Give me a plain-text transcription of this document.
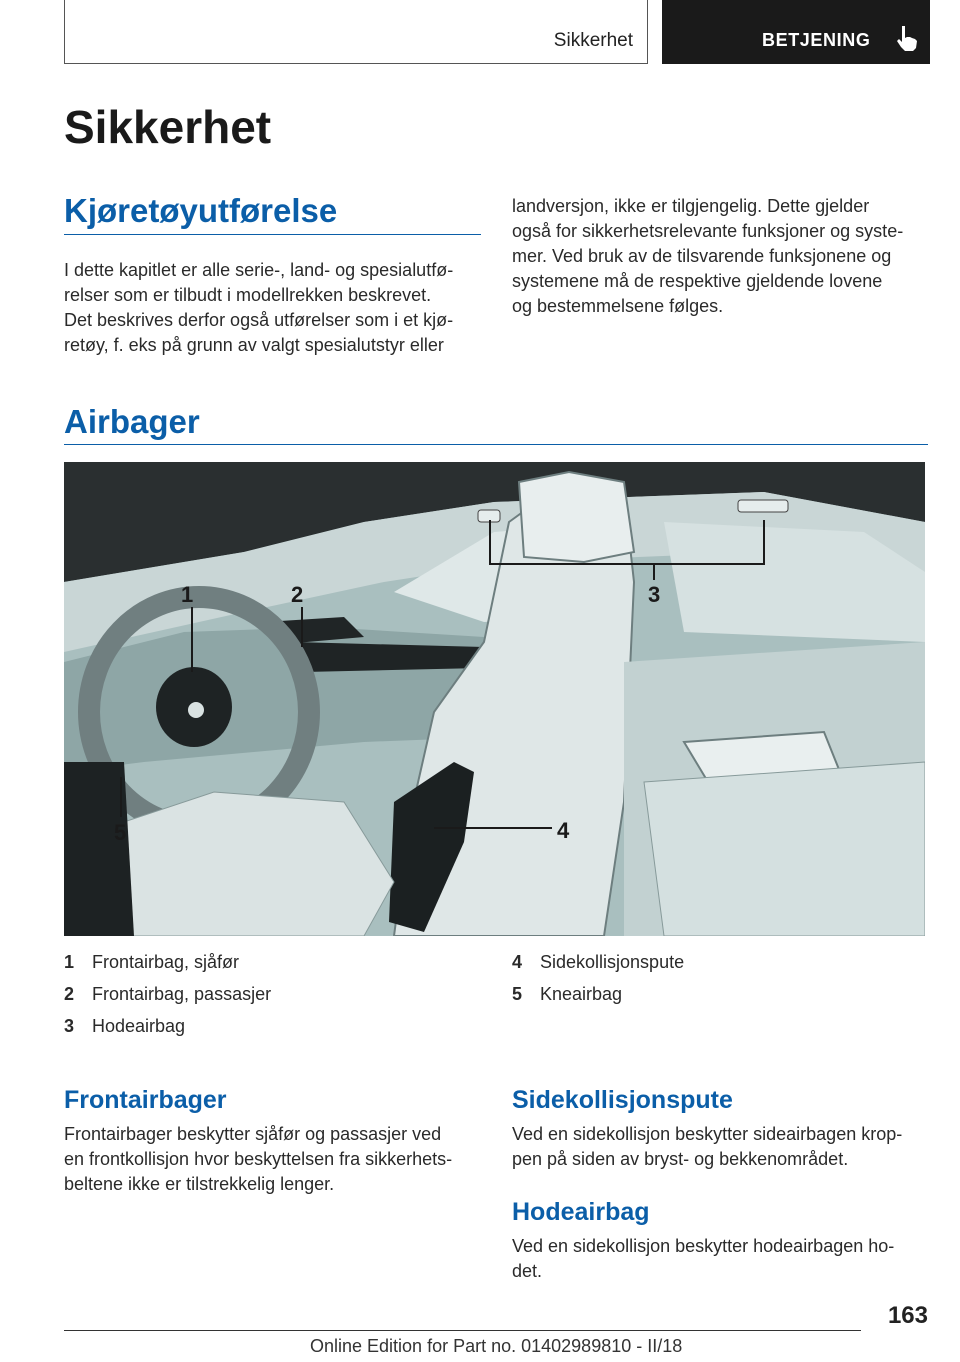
Sikkerhet	BETJENING
Sikkerhet
Kjøretøyutførelse
I dette kapitlet er alle serie-, land- og spesialutfø-
relser som er tilbudt i modellrekken beskrevet.
Det beskrives derfor også utførelser som i et kjø-
retøy, f. eks på grunn av valgt spesialutstyr eller
landversjon, ikke er tilgjengelig. Dette gjelder
også for sikkerhetsrelevante funksjoner og syste-
mer. Ved bruk av de tilsvarende funksjonene og
systemene må de respektive gjeldende lovene
og bestemmelsene følges.
Airbager
1	2	3
4
5
1 Frontairbag, sjåfør
2 Frontairbag, passasjer
3 Hodeairbag
4 Sidekollisjonspute
5 Kneairbag
Frontairbager
Frontairbager beskytter sjåfør og passasjer ved
en frontkollisjon hvor beskyttelsen fra sikkerhets-
beltene ikke er tilstrekkelig lenger.
Sidekollisjonspute
Ved en sidekollisjon beskytter sideairbagen krop-
pen på siden av bryst- og bekkenområdet.
Hodeairbag
Ved en sidekollisjon beskytter hodeairbagen ho-
det.
163
Online Edition for Part no. 01402989810 - II/18
